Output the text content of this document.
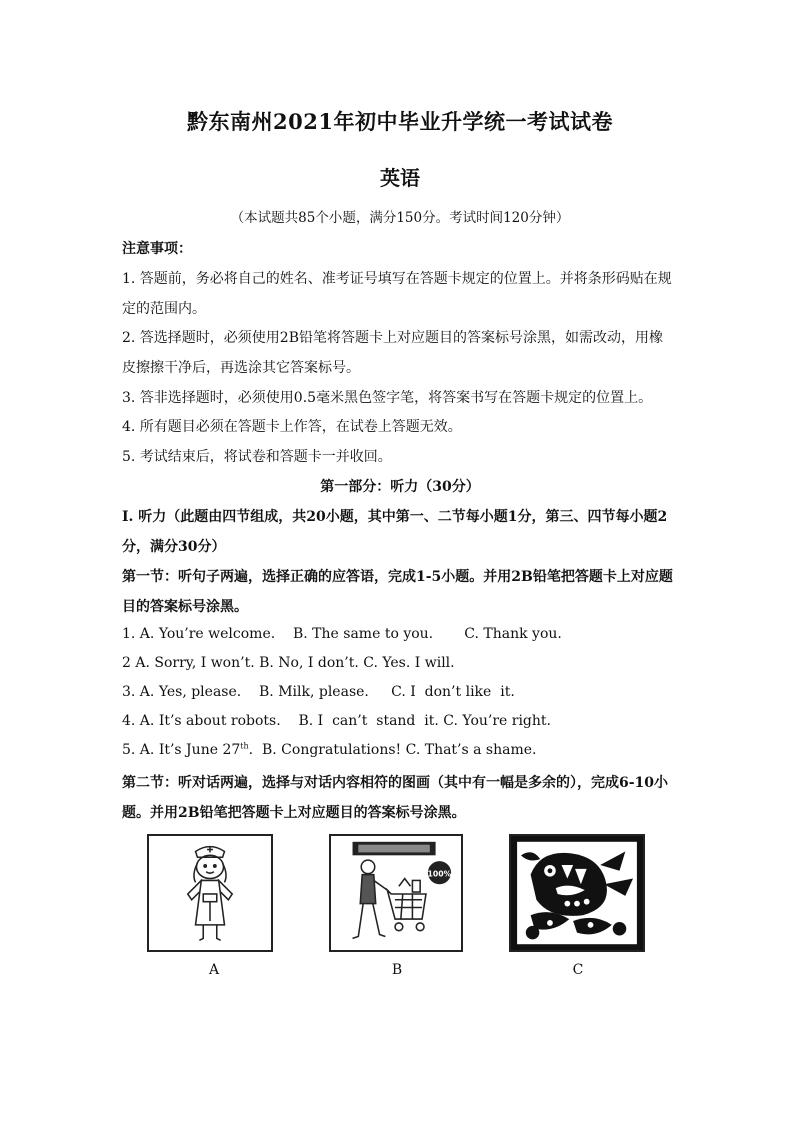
黔东南州2021年初中毕业升学统一考试试卷
英语
（本试题共85个小题，满分150分。考试时间120分钟）
注意事项：
1. 答题前，务必将自己的姓名、准考证号填写在答题卡规定的位置上。并将条形码贴在规
定的范围内。
2. 答选择题时，必须使用2B铅笔将答题卡上对应题目的答案标号涂黑，如需改动，用橡
皮擦擦干净后，再选涂其它答案标号。
3. 答非选择题时，必须使用0.5毫米黑色签字笔，将答案书写在答题卡规定的位置上。
4. 所有题目必须在答题卡上作答，在试卷上答题无效。
5. 考试结束后，将试卷和答题卡一并收回。
第一部分：听力（30分）
I. 听力（此题由四节组成，共20小题，其中第一、二节每小题1分，第三、四节每小题2
分，满分30分）
第一节：听句子两遍，选择正确的应答语，完成1-5小题。并用2B铅笔把答题卡上对应题
目的答案标号涂黑。
1. A. You’re welcome.    B. The same to you.       C. Thank you.
2 A. Sorry, I won’t. B. No, I don’t. C. Yes. I will.
3. A. Yes, please.    B. Milk, please.     C. I  don’t like  it.
4. A. It’s about robots.    B. I  can’t  stand  it. C. You’re right.
5. A. It’s June 27th.  B. Congratulations! C. That’s a shame.
第二节：听对话两遍，选择与对话内容相符的图画（其中有一幅是多余的），完成6-10小
题。并用2B铅笔把答题卡上对应题目的答案标号涂黑。
100%
A	B	C
